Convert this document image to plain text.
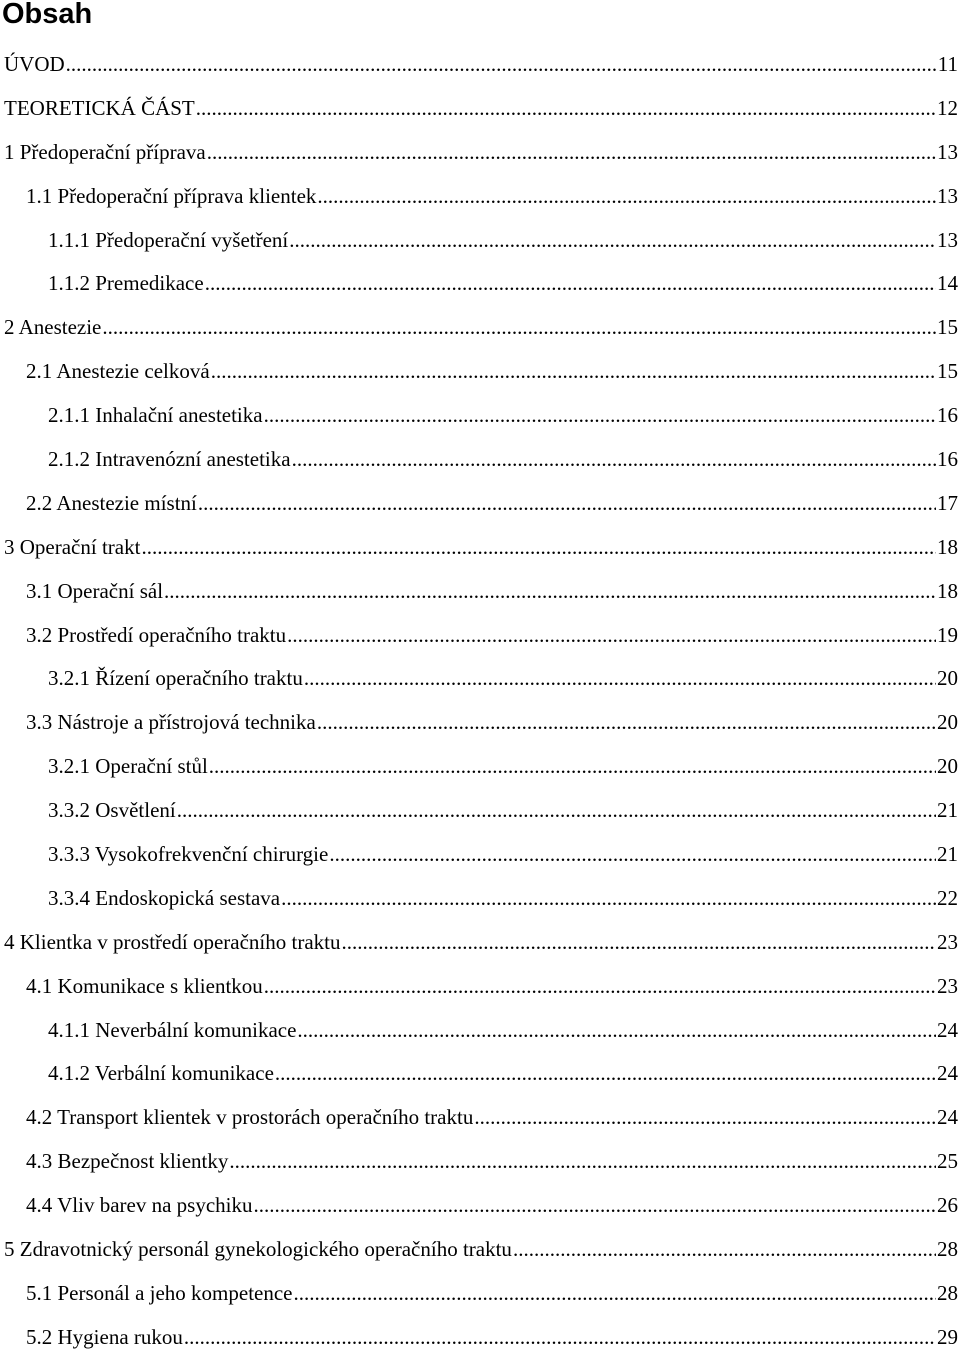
Obsah
ÚVOD .....	11
TEORETICKÁ ČÁST .....	12
1 Předoperační příprava .....	13
1.1 Předoperační příprava klientek .....	13
1.1.1 Předoperační vyšetření .....	13
1.1.2 Premedikace .....	14
2 Anestezie .....	15
2.1 Anestezie celková .....	15
2.1.1 Inhalační anestetika .....	16
2.1.2 Intravenózní anestetika .....	16
2.2 Anestezie místní .....	17
3 Operační trakt .....	18
3.1 Operační sál .....	18
3.2 Prostředí operačního traktu .....	19
3.2.1 Řízení operačního traktu .....	20
3.3 Nástroje a přístrojová technika .....	20
3.2.1 Operační stůl .....	20
3.3.2 Osvětlení .....	21
3.3.3 Vysokofrekvenční chirurgie .....	21
3.3.4 Endoskopická sestava .....	22
4 Klientka v prostředí operačního traktu .....	23
4.1 Komunikace s klientkou .....	23
4.1.1 Neverbální komunikace .....	24
4.1.2 Verbální komunikace .....	24
4.2 Transport klientek v prostorách operačního traktu .....	24
4.3 Bezpečnost klientky .....	25
4.4 Vliv barev na psychiku .....	26
5 Zdravotnický personál gynekologického operačního traktu .....	28
5.1 Personál a jeho kompetence .....	28
5.2 Hygiena rukou .....	29
